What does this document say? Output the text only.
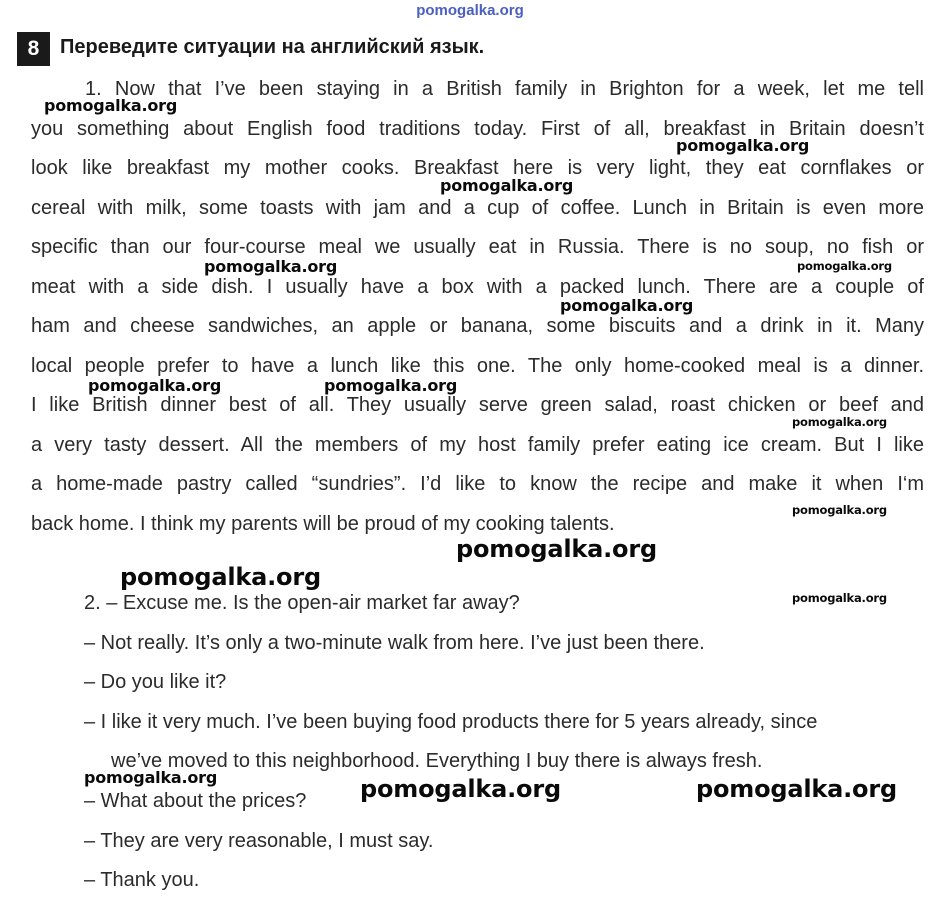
pomogalka.org
8	Переведите ситуации на английский язык.
1. Now that I’ve been staying in a British family in Brighton for a week, let me tell
you something about English food traditions today. First of all, breakfast in Britain doesn’t
look like breakfast my mother cooks. Breakfast here is very light, they eat cornflakes or
cereal with milk, some toasts with jam and a cup of coffee. Lunch in Britain is even more
specific than our four-course meal we usually eat in Russia. There is no soup, no fish or
meat with a side dish. I usually have a box with a packed lunch. There are a couple of
ham and cheese sandwiches, an apple or banana, some biscuits and a drink in it. Many
local people prefer to have a lunch like this one. The only home-cooked meal is a dinner.
I like British dinner best of all. They usually serve green salad, roast chicken or beef and
a very tasty dessert. All the members of my host family prefer eating ice cream. But I like
a home-made pastry called “sundries”. I’d like to know the recipe and make it when I‘m
back home. I think my parents will be proud of my cooking talents.
2. – Excuse me. Is the open-air market far away?
– Not really. It’s only a two-minute walk from here. I’ve just been there.
– Do you like it?
– I like it very much. I’ve been buying food products there for 5 years already, since
we’ve moved to this neighborhood. Everything I buy there is always fresh.
– What about the prices?
– They are very reasonable, I must say.
– Thank you.
pomogalka.org
pomogalka.org
pomogalka.org
pomogalka.org	pomogalka.org
pomogalka.org
pomogalka.org	pomogalka.org
pomogalka.org
pomogalka.org
pomogalka.org
pomogalka.org
pomogalka.org
pomogalka.org	pomogalka.org	pomogalka.org
